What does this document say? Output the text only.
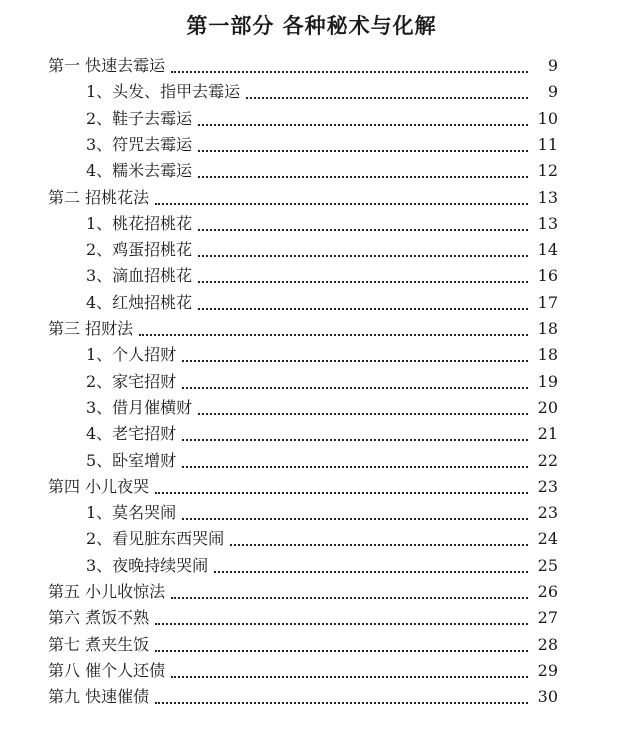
第一部分 各种秘术与化解
第一 快速去霉运	9
1、头发、指甲去霉运	9
2、鞋子去霉运	10
3、符咒去霉运	11
4、糯米去霉运	12
第二 招桃花法	13
1、桃花招桃花	13
2、鸡蛋招桃花	14
3、滴血招桃花	16
4、红烛招桃花	17
第三 招财法	18
1、个人招财	18
2、家宅招财	19
3、借月催横财	20
4、老宅招财	21
5、卧室增财	22
第四 小儿夜哭	23
1、莫名哭闹	23
2、看见脏东西哭闹	24
3、夜晚持续哭闹	25
第五 小儿收惊法	26
第六 煮饭不熟	27
第七 煮夹生饭	28
第八 催个人还债	29
第九 快速催债	30
